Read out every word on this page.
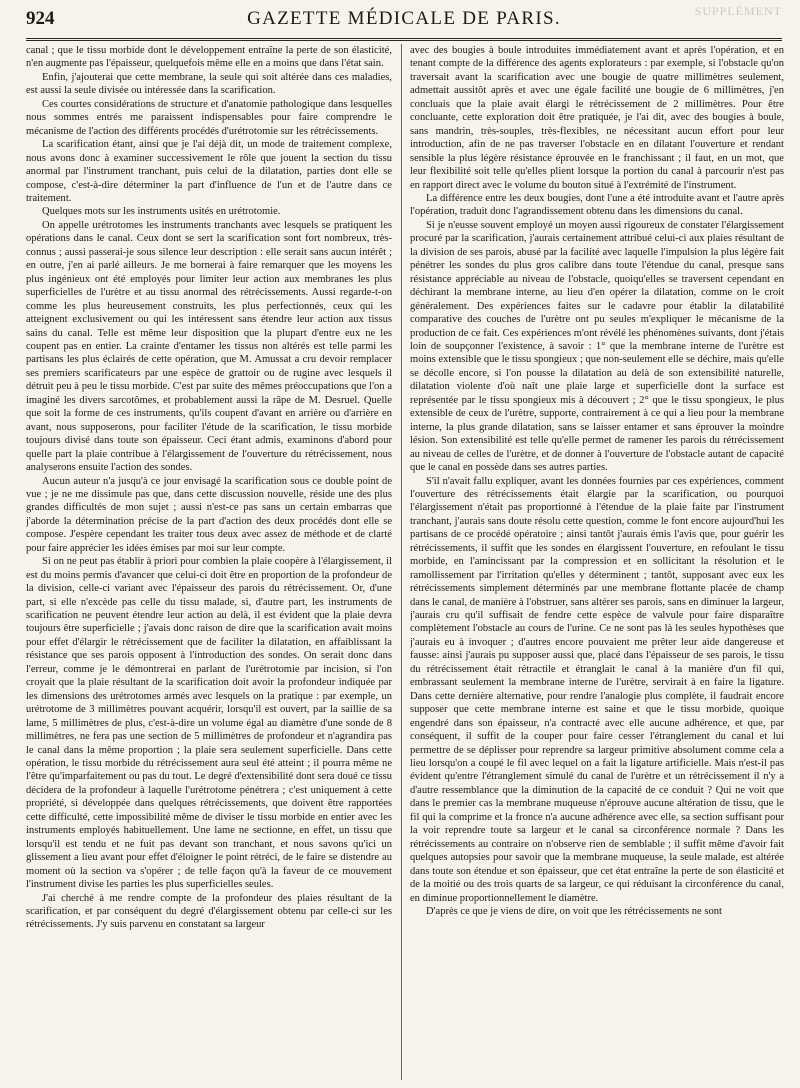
SUPPLÉMENT
924	GAZETTE MÉDICALE DE PARIS.

canal ; que le tissu morbide dont le développement entraîne la perte de son élasticité, n'en augmente pas l'épaisseur, quelquefois même elle en a moins que dans l'état sain.

Enfin, j'ajouterai que cette membrane, la seule qui soit altérée dans ces maladies, est aussi la seule divisée ou intéressée dans la scarification.

Ces courtes considérations de structure et d'anatomie pathologique dans lesquelles nous sommes entrés me paraissent indispensables pour faire comprendre le mécanisme de l'action des différents procédés d'urétrotomie sur les rétrécissements.

La scarification étant, ainsi que je l'ai déjà dit, un mode de traitement complexe, nous avons donc à examiner successivement le rôle que jouent la section du tissu anormal par l'instrument tranchant, puis celui de la dilatation, parties dont elle se compose, c'est-à-dire déterminer la part d'influence de l'un et de l'autre dans ce traitement.

Quelques mots sur les instruments usités en urétrotomie.

On appelle urétrotomes les instruments tranchants avec lesquels se pratiquent les opérations dans le canal. Ceux dont se sert la scarification sont fort nombreux, très-connus ; aussi passerai-je sous silence leur description : elle serait sans aucun intérêt ; en outre, j'en ai parlé ailleurs. Je me bornerai à faire remarquer que les moyens les plus ingénieux ont été employés pour limiter leur action aux membranes les plus superficielles de l'urètre et au tissu anormal des rétrécissements. Aussi regarde-t-on comme les plus heureusement construits, les plus perfectionnés, ceux qui les atteignent exclusivement ou qui les intéressent sans étendre leur action aux tissus sains du canal. Telle est même leur disposition que la plupart d'entre eux ne les coupent pas en entier. La crainte d'entamer les tissus non altérés est telle parmi les partisans les plus éclairés de cette opération, que M. Amussat a cru devoir remplacer ses premiers scarificateurs par une espèce de grattoir ou de rugine avec lesquels il détruit peu à peu le tissu morbide. C'est par suite des mêmes préoccupations que l'on a imaginé les divers sarcotômes, et probablement aussi la râpe de M. Desruel. Quelle que soit la forme de ces instruments, qu'ils coupent d'avant en arrière ou d'arrière en avant, nous supposerons, pour faciliter l'étude de la scarification, le tissu morbide toujours divisé dans toute son épaisseur. Ceci étant admis, examinons d'abord pour quelle part la plaie contribue à l'élargissement de l'ouverture du rétrécissement, nous analyserons ensuite l'action des sondes.

Aucun auteur n'a jusqu'à ce jour envisagé la scarification sous ce double point de vue ; je ne me dissimule pas que, dans cette discussion nouvelle, réside une des plus grandes difficultés de mon sujet ; aussi n'est-ce pas sans un certain embarras que j'aborde la détermination précise de la part d'action des deux procédés dont elle se compose. J'espère cependant les traiter tous deux avec assez de méthode et de clarté pour faire apprécier les idées émises par moi sur leur compte.

Si on ne peut pas établir à priori pour combien la plaie coopère à l'élargissement, il est du moins permis d'avancer que celui-ci doit être en proportion de la profondeur de la division, celle-ci variant avec l'épaisseur des parois du rétrécissement. Or, d'une part, si elle n'excède pas celle du tissu malade, si, d'autre part, les instruments de scarification ne peuvent étendre leur action au delà, il est évident que la plaie devra toujours être superficielle ; j'avais donc raison de dire que la scarification avait moins pour effet d'élargir le rétrécissement que de faciliter la dilatation, en affaiblissant la résistance que ses parois opposent à l'introduction des sondes. On serait donc dans l'erreur, comme je le démontrerai en parlant de l'urétrotomie par incision, si l'on croyait que la plaie résultant de la scarification doit avoir la profondeur indiquée par les dimensions des urétrotomes armés avec lesquels on la pratique : par exemple, un urétrotome de 3 millimètres pouvant acquérir, lorsqu'il est ouvert, par la saillie de sa lame, 5 millimètres de plus, c'est-à-dire un volume égal au diamètre d'une sonde de 8 millimètres, ne fera pas une section de 5 millimètres de profondeur et n'agrandira pas le canal dans la même proportion ; la plaie sera seulement superficielle. Dans cette opération, le tissu morbide du rétrécissement aura seul été atteint ; il pourra même ne l'être qu'imparfaitement ou pas du tout. Le degré d'extensibilité dont sera doué ce tissu décidera de la profondeur à laquelle l'urétrotome pénétrera ; c'est uniquement à cette propriété, si développée dans quelques rétrécissements, que doivent être rapportées cette difficulté, cette impossibilité même de diviser le tissu morbide en entier avec les instruments employés habituellement. Une lame ne sectionne, en effet, un tissu que lorsqu'il est tendu et ne fuit pas devant son tranchant, et nous savons qu'ici un glissement a lieu avant pour effet d'éloigner le point rétréci, de le faire se distendre au moment où la section va s'opérer ; de telle façon qu'à la faveur de ce mouvement l'instrument divise les parties les plus superficielles seules.

J'ai cherché à me rendre compte de la profondeur des plaies résultant de la scarification, et par conséquent du degré d'élargissement obtenu par celle-ci sur les rétrécissements. J'y suis parvenu en constatant sa largeur

avec des bougies à boule introduites immédiatement avant et après l'opération, et en tenant compte de la différence des agents explorateurs : par exemple, si l'obstacle qu'on traversait avant la scarification avec une bougie de quatre millimètres seulement, admettait aussitôt après et avec une égale facilité une bougie de 6 millimètres, j'en concluais que la plaie avait élargi le rétrécissement de 2 millimètres. Pour être concluante, cette exploration doit être pratiquée, je l'ai dit, avec des bougies à boule, sans mandrin, très-souples, très-flexibles, ne nécessitant aucun effort pour leur introduction, afin de ne pas traverser l'obstacle en en dilatant l'ouverture et rendant sensible la plus légère résistance éprouvée en le franchissant ; il faut, en un mot, que leur flexibilité soit telle qu'elles plient lorsque la portion du canal à parcourir n'est pas en rapport direct avec le volume du bouton situé à l'extrémité de l'instrument.

La différence entre les deux bougies, dont l'une a été introduite avant et l'autre après l'opération, traduit donc l'agrandissement obtenu dans les dimensions du canal.

Si je n'eusse souvent employé un moyen aussi rigoureux de constater l'élargissement procuré par la scarification, j'aurais certainement attribué celui-ci aux plaies résultant de la division de ses parois, abusé par la facilité avec laquelle l'impulsion la plus légère fait pénétrer les sondes du plus gros calibre dans toute l'étendue du canal, presque sans résistance appréciable au niveau de l'obstacle, quoiqu'elles se traversent cependant en déchirant la membrane interne, au lieu d'en opérer la dilatation, comme on le croit généralement. Des expériences faites sur le cadavre pour établir la dilatabilité comparative des couches de l'urètre ont pu seules m'expliquer le mécanisme de la production de ce fait. Ces expériences m'ont révélé les phénomènes suivants, dont j'étais loin de soupçonner l'existence, à savoir : 1° que la membrane interne de l'urètre est moins extensible que le tissu spongieux ; que non-seulement elle se déchire, mais qu'elle se décolle encore, si l'on pousse la dilatation au delà de son extensibilité naturelle, dilatation violente d'où naît une plaie large et superficielle dont la surface est représentée par le tissu spongieux mis à découvert ; 2° que le tissu spongieux, le plus extensible de ceux de l'urètre, supporte, contrairement à ce qui a lieu pour la membrane interne, la plus grande dilatation, sans se laisser entamer et sans éprouver la moindre lésion. Son extensibilité est telle qu'elle permet de ramener les parois du rétrécissement au niveau de celles de l'urètre, et de donner à l'ouverture de l'obstacle autant de capacité que le canal en possède dans ses autres parties.

S'il n'avait fallu expliquer, avant les données fournies par ces expériences, comment l'ouverture des rétrécissements était élargie par la scarification, ou pourquoi l'élargissement n'était pas proportionné à l'étendue de la plaie faite par l'instrument tranchant, j'aurais sans doute résolu cette question, comme le font encore aujourd'hui les partisans de ce procédé opératoire ; ainsi tantôt j'aurais émis l'avis que, pour guérir les rétrécissements, il suffit que les sondes en élargissent l'ouverture, en refoulant le tissu morbide, en l'amincissant par la compression et en sollicitant la résolution et le ramollissement par l'irritation qu'elles y déterminent ; tantôt, supposant avec eux les rétrécissements simplement déterminés par une membrane flottante placée de champ dans le canal, de manière à l'obstruer, sans altérer ses parois, sans en diminuer la largeur, j'aurais cru qu'il suffisait de fendre cette espèce de valvule pour faire disparaître complètement l'obstacle au cours de l'urine. Ce ne sont pas là les seules hypothèses que j'aurais eu à invoquer ; d'autres encore pouvaient me prêter leur aide dangereuse et fausse: ainsi j'aurais pu supposer aussi que, placé dans l'épaisseur de ses parois, le tissu du rétrécissement était rétractile et étranglait le canal à la manière d'un fil qui, embrassant seulement la membrane interne de l'urètre, servirait à en faire la ligature. Dans cette dernière alternative, pour rendre l'analogie plus complète, il faudrait encore supposer que cette membrane interne est saine et que le tissu morbide, quoique engendré dans son épaisseur, n'a contracté avec elle aucune adhérence, et que, par conséquent, il suffit de la couper pour faire cesser l'étranglement du canal et lui permettre de se déplisser pour reprendre sa largeur primitive absolument comme cela a lieu lorsqu'on a coupé le fil avec lequel on a fait la ligature artificielle. Mais n'est-il pas évident qu'entre l'étranglement simulé du canal de l'urètre et un rétrécissement il n'y a d'autre ressemblance que la diminution de la capacité de ce conduit ? Qui ne voit que dans le premier cas la membrane muqueuse n'éprouve aucune altération de tissu, que le fil qui la comprime et la fronce n'a aucune adhérence avec elle, sa section suffisant pour la voir reprendre toute sa largeur et le canal sa circonférence normale ? Dans les rétrécissements au contraire on n'observe rien de semblable ; il suffit même d'avoir fait quelques autopsies pour savoir que la membrane muqueuse, la seule malade, est altérée dans toute son étendue et son épaisseur, que cet état entraîne la perte de son élasticité et de la moitié ou des trois quarts de sa largeur, ce qui réduisant la circonférence du canal, en diminue proportionnellement le diamètre.

D'après ce que je viens de dire, on voit que les rétrécissements ne sont
